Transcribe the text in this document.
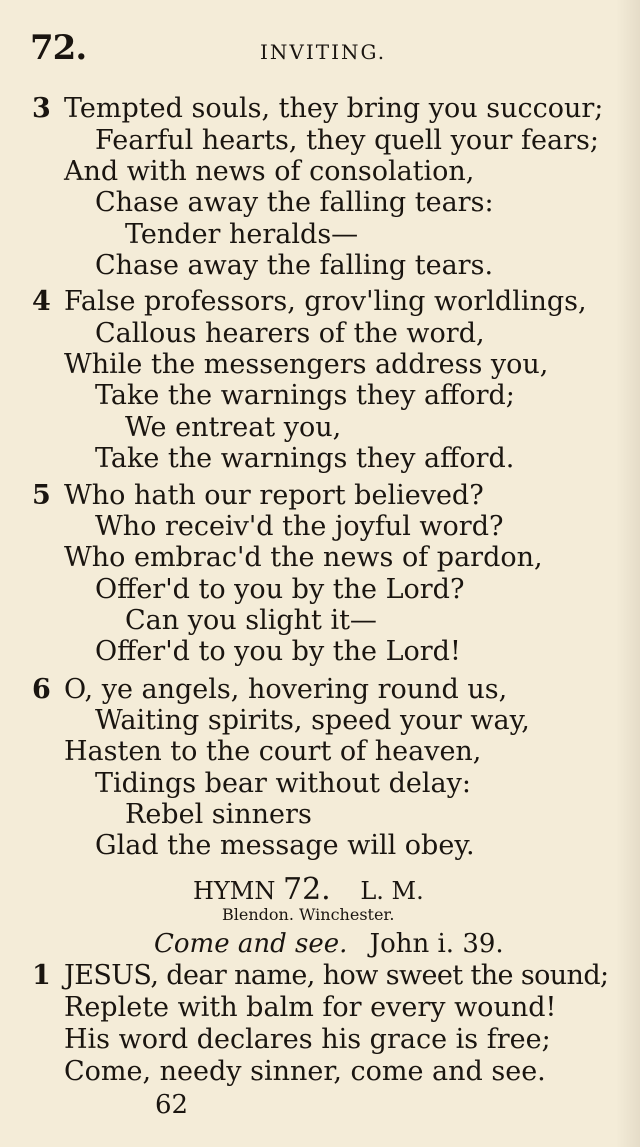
72.	INVITING.
3 Tempted souls, they bring you succour;
Fearful hearts, they quell your fears;
And with news of consolation,
Chase away the falling tears:
Tender heralds—
Chase away the falling tears.
4 False professors, grov'ling worldlings,
Callous hearers of the word,
While the messengers address you,
Take the warnings they afford;
We entreat you,
Take the warnings they afford.
5 Who hath our report believed?
Who receiv'd the joyful word?
Who embrac'd the news of pardon,
Offer'd to you by the Lord?
Can you slight it—
Offer'd to you by the Lord!
6 O, ye angels, hovering round us,
Waiting spirits, speed your way,
Hasten to the court of heaven,
Tidings bear without delay:
Rebel sinners
Glad the message will obey.
HYMN 72. L. M.
Blendon. Winchester.
Come and see. John i. 39.
1 JESUS, dear name, how sweet the sound;
Replete with balm for every wound!
His word declares his grace is free;
Come, needy sinner, come and see.
62
